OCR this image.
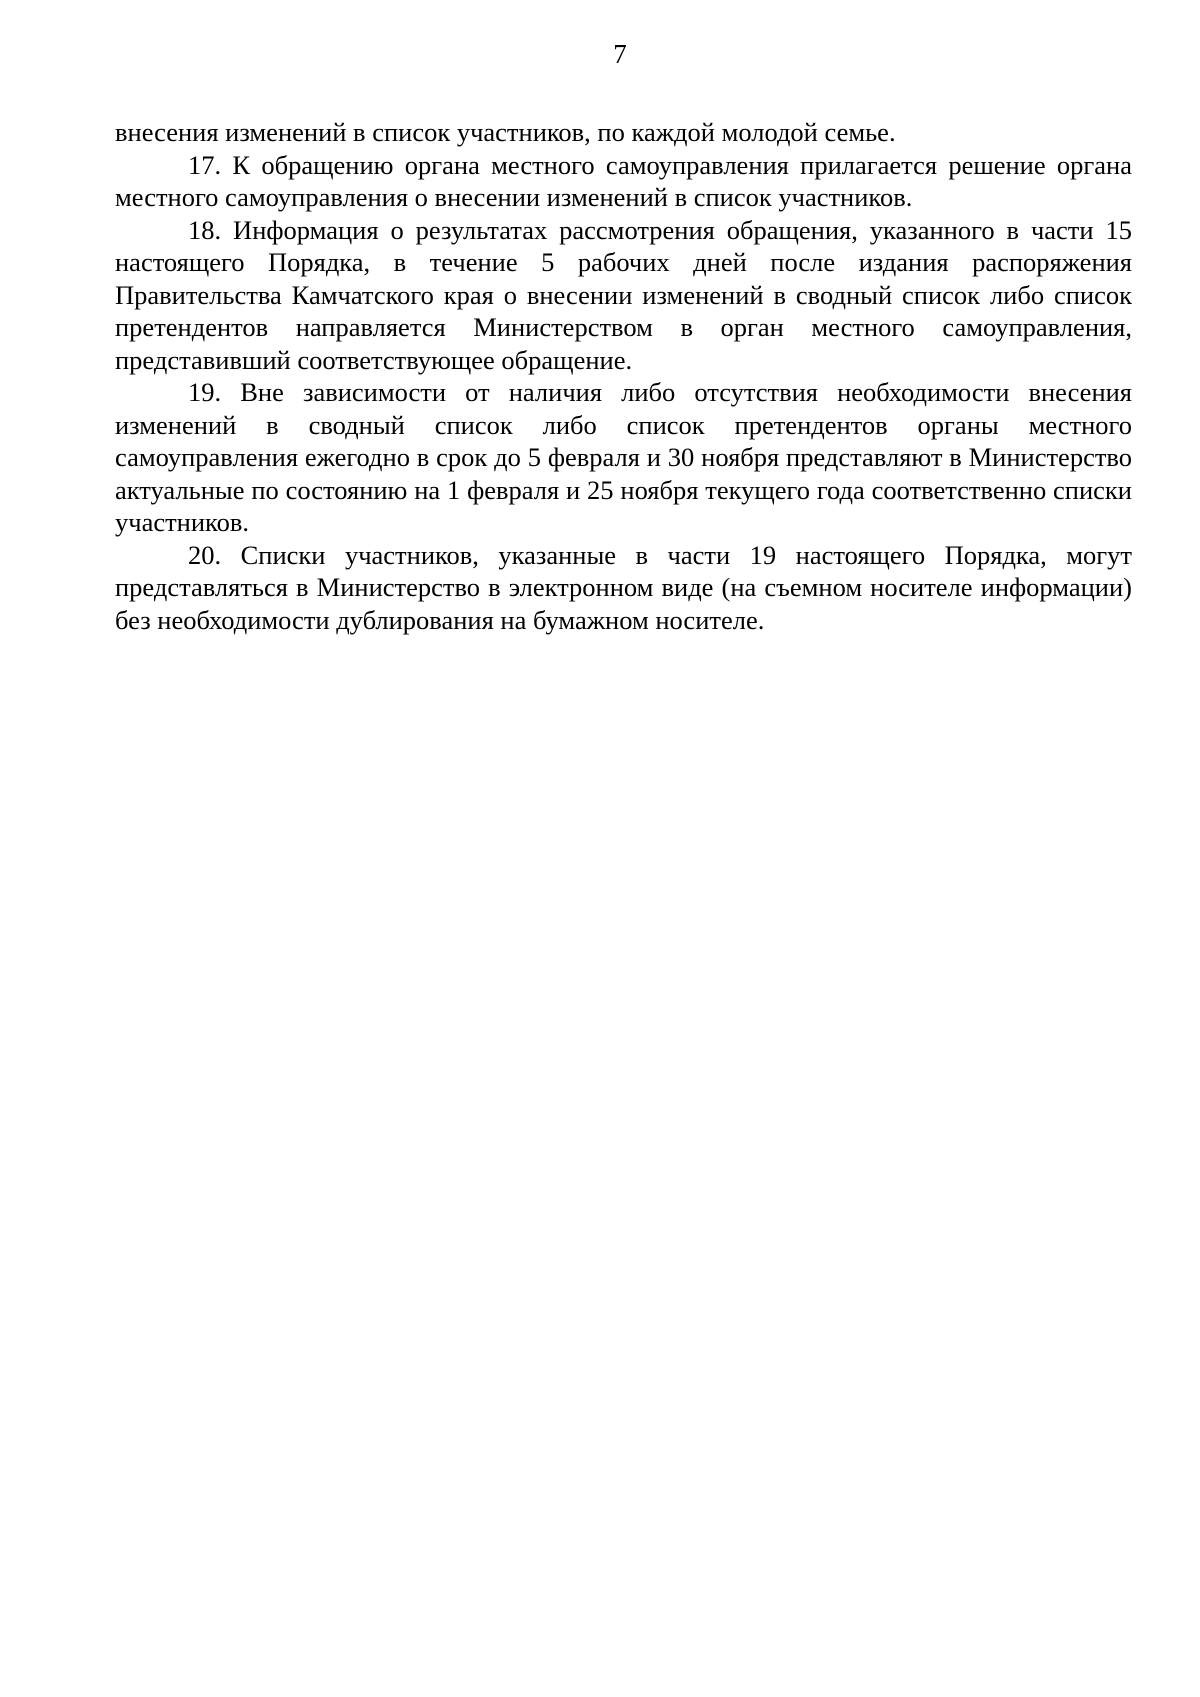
7

внесения изменений в список участников, по каждой молодой семье.

17. К обращению органа местного самоуправления прилагается решение органа местного самоуправления о внесении изменений в список участников.

18. Информация о результатах рассмотрения обращения, указанного в части 15 настоящего Порядка, в течение 5 рабочих дней после издания распоряжения Правительства Камчатского края о внесении изменений в сводный список либо список претендентов направляется Министерством в орган местного самоуправления, представивший соответствующее обращение.

19. Вне зависимости от наличия либо отсутствия необходимости внесения изменений в сводный список либо список претендентов органы местного самоуправления ежегодно в срок до 5 февраля и 30 ноября представляют в Министерство актуальные по состоянию на 1 февраля и 25 ноября текущего года соответственно списки участников.

20. Списки участников, указанные в части 19 настоящего Порядка, могут представляться в Министерство в электронном виде (на съемном носителе информации) без необходимости дублирования на бумажном носителе.
